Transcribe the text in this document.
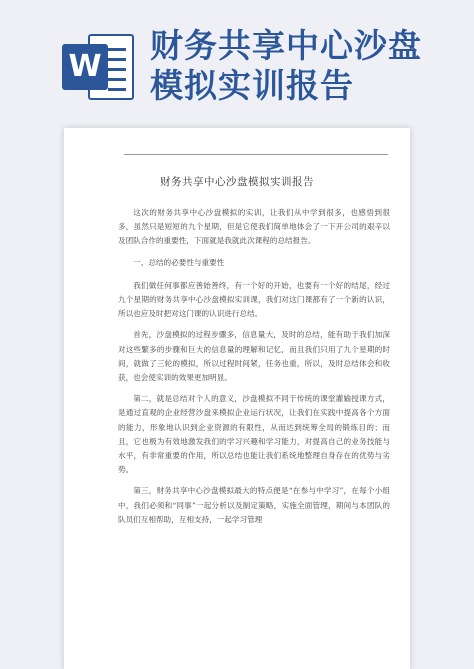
W
财务共享中心沙盘
模拟实训报告
财务共享中心沙盘模拟实训报告

这次的财务共享中心沙盘模拟的实训，让我们从中学到很多，也感悟到很多，虽然只是短短的九个星期，但是它使我们简单地体会了一下开公司的艰辛以及团队合作的重要性，下面就是我就此次课程的总结报告。

一、总结的必要性与重要性

我们做任何事都应善始善终，有一个好的开始，也要有一个好的结尾，经过九个星期的财务共享中心沙盘模拟实训课，我们对这门课都有了一个新的认识，所以也应及时把对这门课的认识进行总结。

首先，沙盘模拟的过程步骤多，信息量大，及时的总结，能有助于我们加深对这些繁多的步骤和巨大的信息量的理解和记忆，而且我们只用了九个星期的时间，就做了三轮的模拟，所以过程时间紧，任务也重，所以，及时总结体会和收获，也会使实训的效果更加明显。

第二，就是总结对个人的意义，沙盘模拟不同于传统的课堂灌输授课方式，是通过直观的企业经营沙盘来模拟企业运行状况，让我们在实践中提高各个方面的能力，形象地认识到企业资源的有限性，从而达到统筹全局的锻炼目的；而且，它也极为有效地激发我们的学习兴趣和学习能力，对提高自己的业务技能与水平，有非常重要的作用，所以总结也能让我们系统地整理自身存在的优势与劣势。

第三，财务共享中心沙盘模拟最大的特点便是“在参与中学习”，在每个小组中，我们必须和“同事”一起分析以及制定策略，实施全面管理，期间与本团队的队员们互相帮助，互相支持，一起学习管理
